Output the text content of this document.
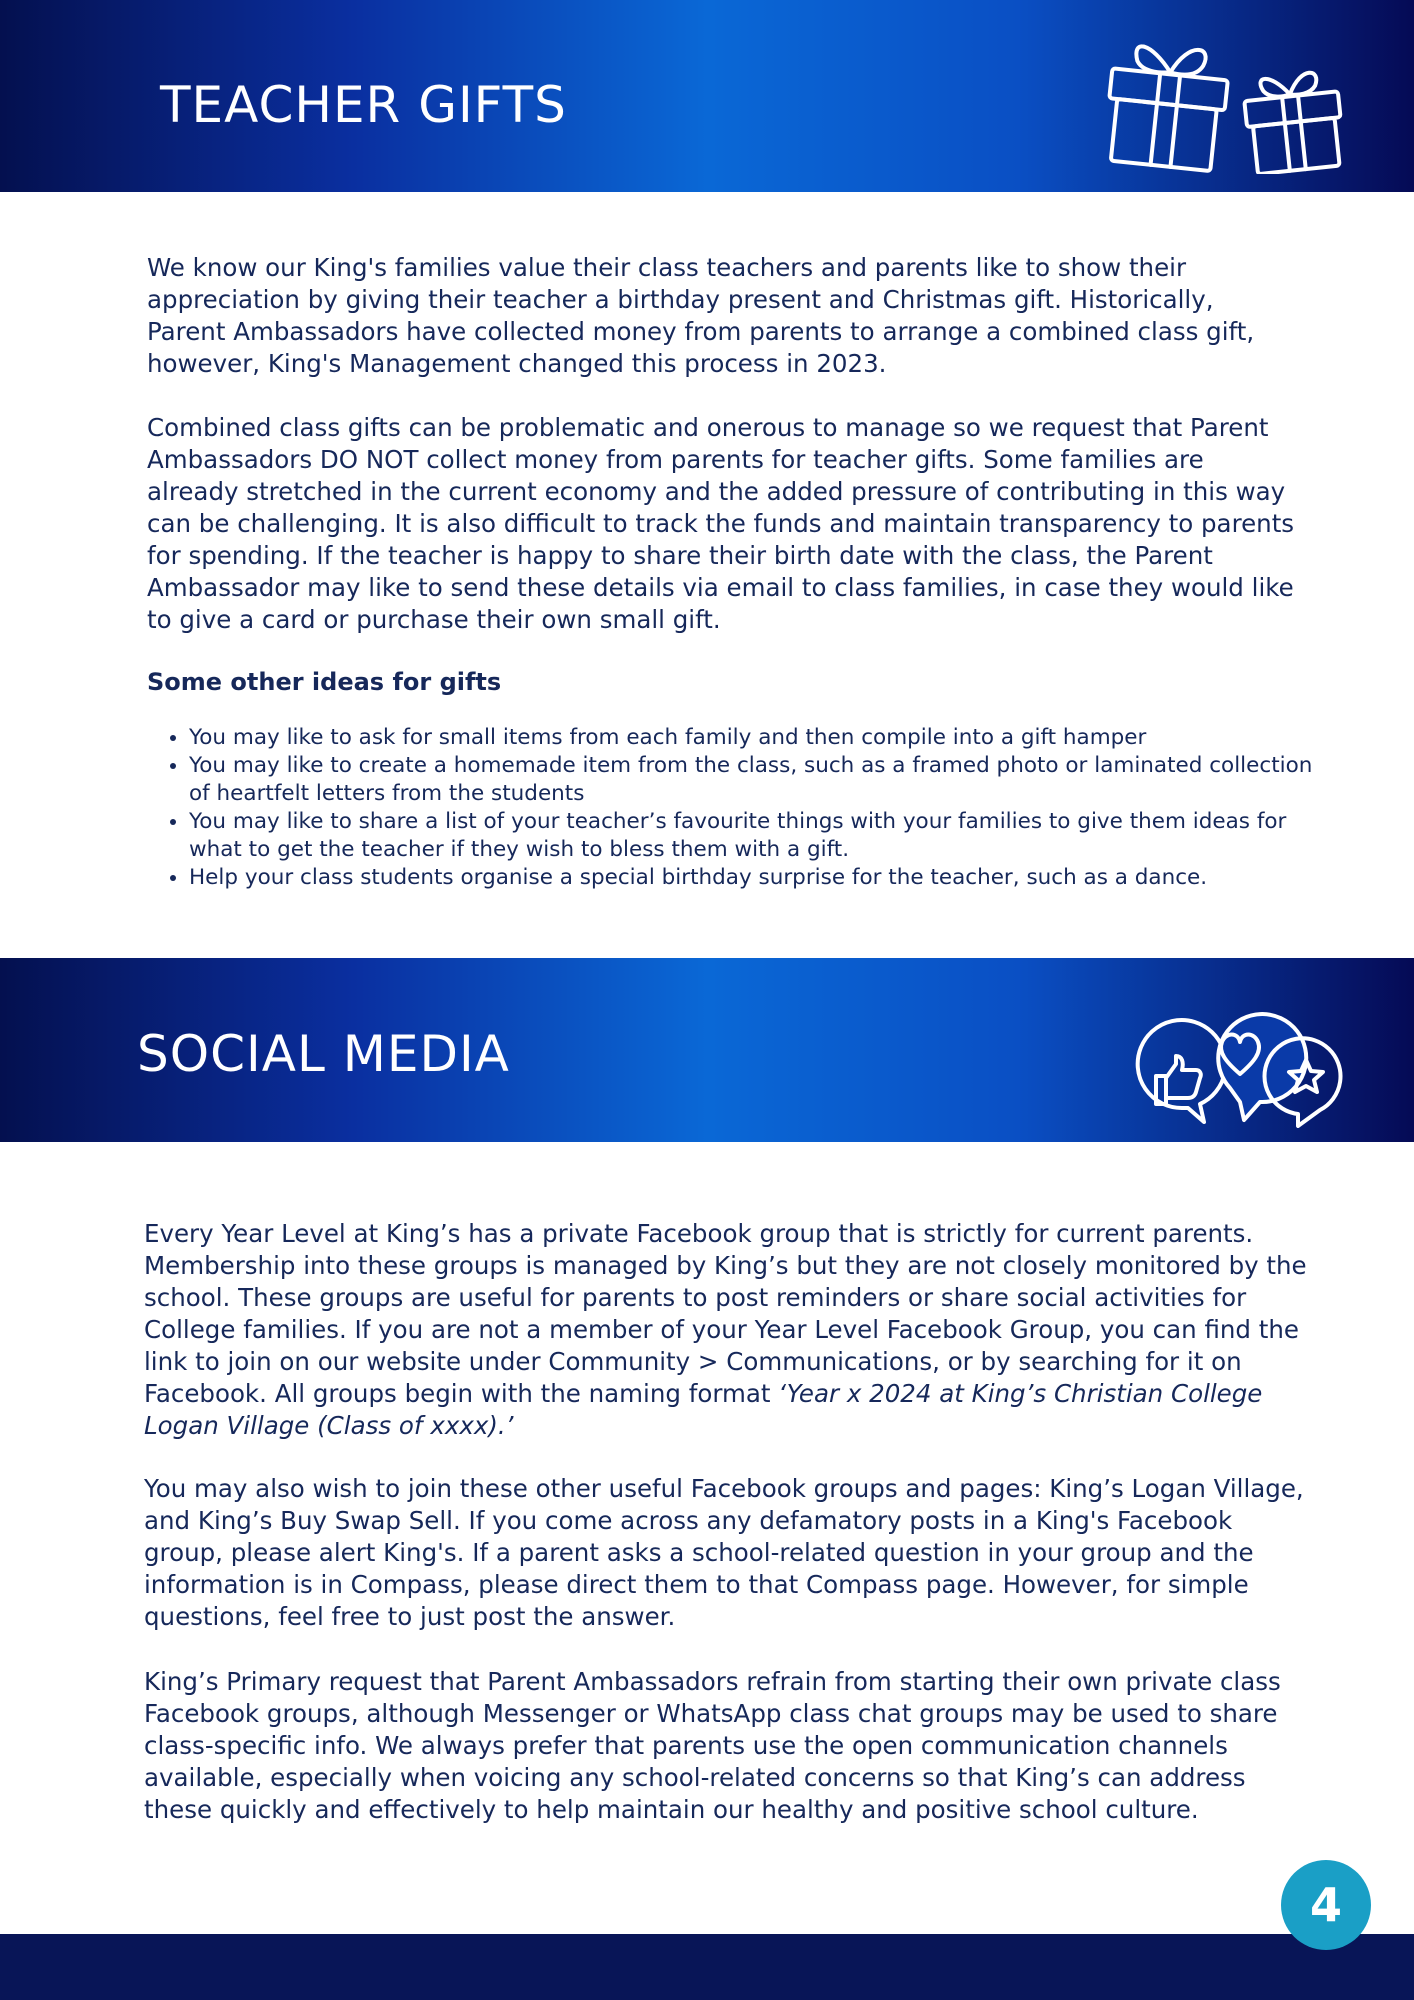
TEACHER GIFTS

We know our King's families value their class teachers and parents like to show their appreciation by giving their teacher a birthday present and Christmas gift. Historically, Parent Ambassadors have collected money from parents to arrange a combined class gift, however, King's Management changed this process in 2023.

Combined class gifts can be problematic and onerous to manage so we request that Parent Ambassadors DO NOT collect money from parents for teacher gifts. Some families are already stretched in the current economy and the added pressure of contributing in this way can be challenging. It is also difficult to track the funds and maintain transparency to parents for spending. If the teacher is happy to share their birth date with the class, the Parent Ambassador may like to send these details via email to class families, in case they would like to give a card or purchase their own small gift.

Some other ideas for gifts
• You may like to ask for small items from each family and then compile into a gift hamper
• You may like to create a homemade item from the class, such as a framed photo or laminated collection of heartfelt letters from the students
• You may like to share a list of your teacher’s favourite things with your families to give them ideas for what to get the teacher if they wish to bless them with a gift.
• Help your class students organise a special birthday surprise for the teacher, such as a dance.
SOCIAL MEDIA

Every Year Level at King’s has a private Facebook group that is strictly for current parents. Membership into these groups is managed by King’s but they are not closely monitored by the school. These groups are useful for parents to post reminders or share social activities for College families. If you are not a member of your Year Level Facebook Group, you can find the link to join on our website under Community > Communications, or by searching for it on Facebook. All groups begin with the naming format ‘Year x 2024 at King’s Christian College Logan Village (Class of xxxx).’

You may also wish to join these other useful Facebook groups and pages: King’s Logan Village, and King’s Buy Swap Sell. If you come across any defamatory posts in a King's Facebook group, please alert King's. If a parent asks a school-related question in your group and the information is in Compass, please direct them to that Compass page. However, for simple questions, feel free to just post the answer.

King’s Primary request that Parent Ambassadors refrain from starting their own private class Facebook groups, although Messenger or WhatsApp class chat groups may be used to share class-specific info. We always prefer that parents use the open communication channels available, especially when voicing any school-related concerns so that King’s can address these quickly and effectively to help maintain our healthy and positive school culture.

4
